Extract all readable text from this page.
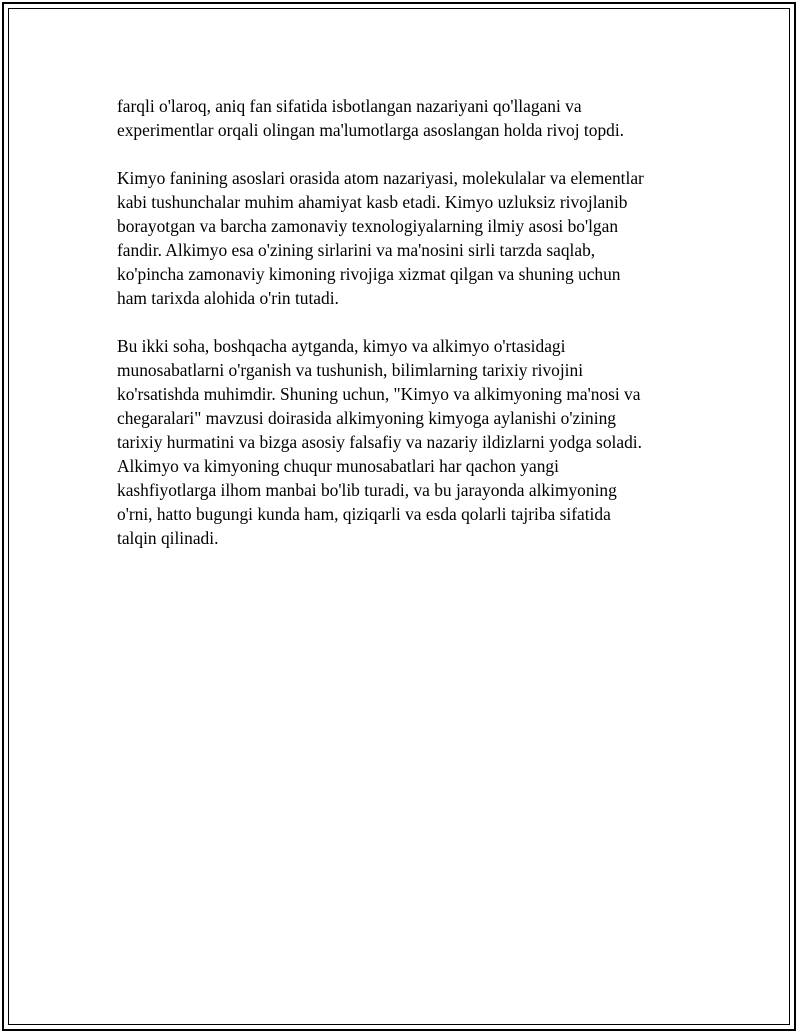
farqli o'laroq, aniq fan sifatida isbotlangan nazariyani qo'llagani va
experimentlar orqali olingan ma'lumotlarga asoslangan holda rivoj topdi.

Kimyo fanining asoslari orasida atom nazariyasi, molekulalar va elementlar
kabi tushunchalar muhim ahamiyat kasb etadi. Kimyo uzluksiz rivojlanib
borayotgan va barcha zamonaviy texnologiyalarning ilmiy asosi bo'lgan
fandir. Alkimyo esa o'zining sirlarini va ma'nosini sirli tarzda saqlab,
ko'pincha zamonaviy kimoning rivojiga xizmat qilgan va shuning uchun
ham tarixda alohida o'rin tutadi.

Bu ikki soha, boshqacha aytganda, kimyo va alkimyo o'rtasidagi
munosabatlarni o'rganish va tushunish, bilimlarning tarixiy rivojini
ko'rsatishda muhimdir. Shuning uchun, "Kimyo va alkimyoning ma'nosi va
chegaralari" mavzusi doirasida alkimyoning kimyoga aylanishi o'zining
tarixiy hurmatini va bizga asosiy falsafiy va nazariy ildizlarni yodga soladi.
Alkimyo va kimyoning chuqur munosabatlari har qachon yangi
kashfiyotlarga ilhom manbai bo'lib turadi, va bu jarayonda alkimyoning
o'rni, hatto bugungi kunda ham, qiziqarli va esda qolarli tajriba sifatida
talqin qilinadi.
